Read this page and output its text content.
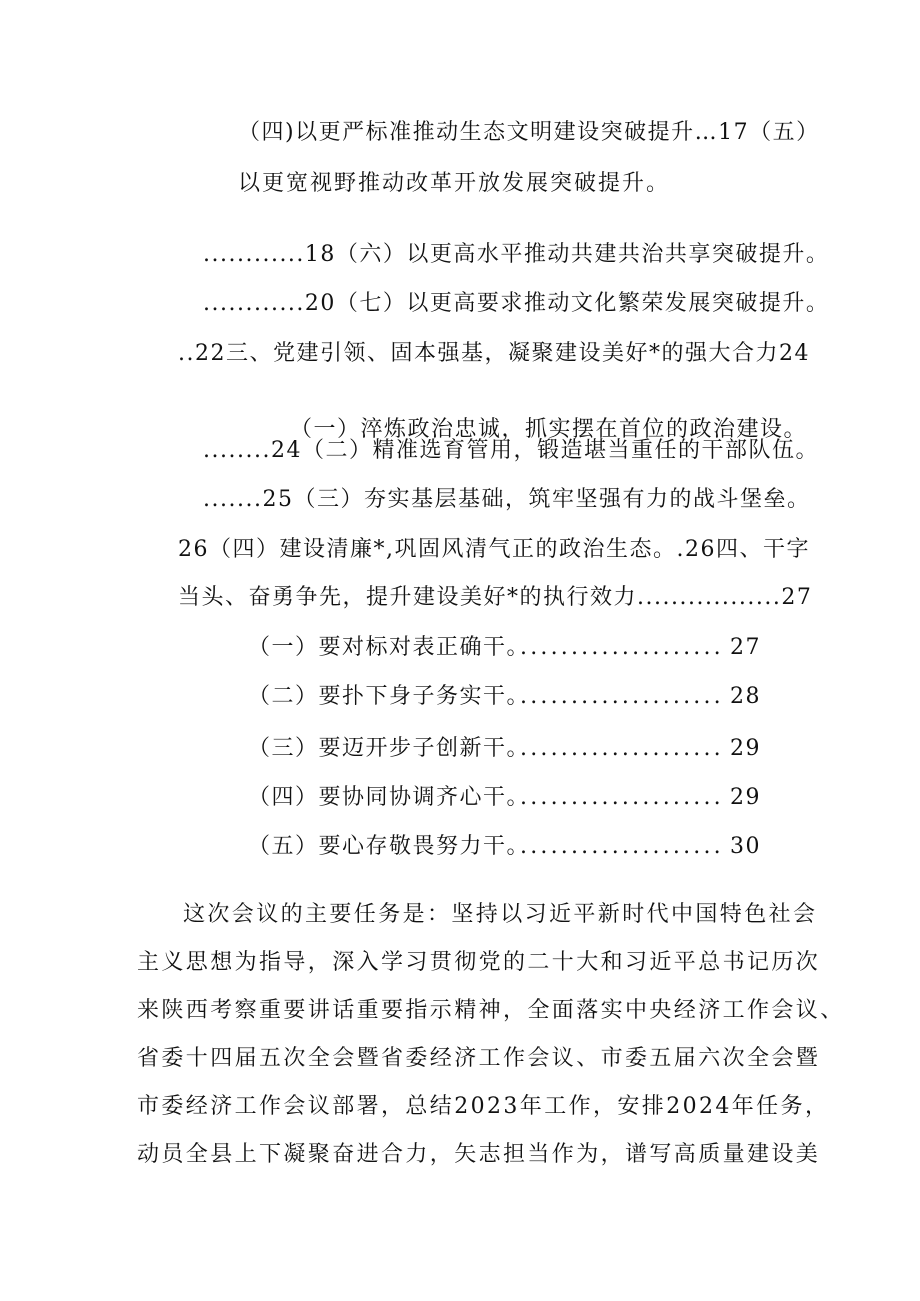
（四)以更严标准推动生态文明建设突破提升…17（五）
以更宽视野推动改革开放发展突破提升。
............18（六）以更高水平推动共建共治共享突破提升。
............20（七）以更高要求推动文化繁荣发展突破提升。
..22三、党建引领、固本强基，凝聚建设美好*的强大合力24
（一）淬炼政治忠诚，抓实摆在首位的政治建设。
........24（二）精准选育管用，锻造堪当重任的干部队伍。
.......25（三）夯实基层基础，筑牢坚强有力的战斗堡垒。
26（四）建设清廉*,巩固风清气正的政治生态。.26四、干字
当头、奋勇争先，提升建设美好*的执行效力.................27
（一）要对标对表正确干。
.................... 27
（二）要扑下身子务实干。
.................... 28
（三）要迈开步子创新干。
.................... 29
（四）要协同协调齐心干。
.................... 29
（五）要心存敬畏努力干。
.................... 30
这次会议的主要任务是：坚持以习近平新时代中国特色社会
主义思想为指导，深入学习贯彻党的二十大和习近平总书记历次
来陕西考察重要讲话重要指示精神，全面落实中央经济工作会议、
省委十四届五次全会暨省委经济工作会议、市委五届六次全会暨
市委经济工作会议部署，总结2023年工作，安排2024年任务，
动员全县上下凝聚奋进合力，矢志担当作为，谱写高质量建设美
